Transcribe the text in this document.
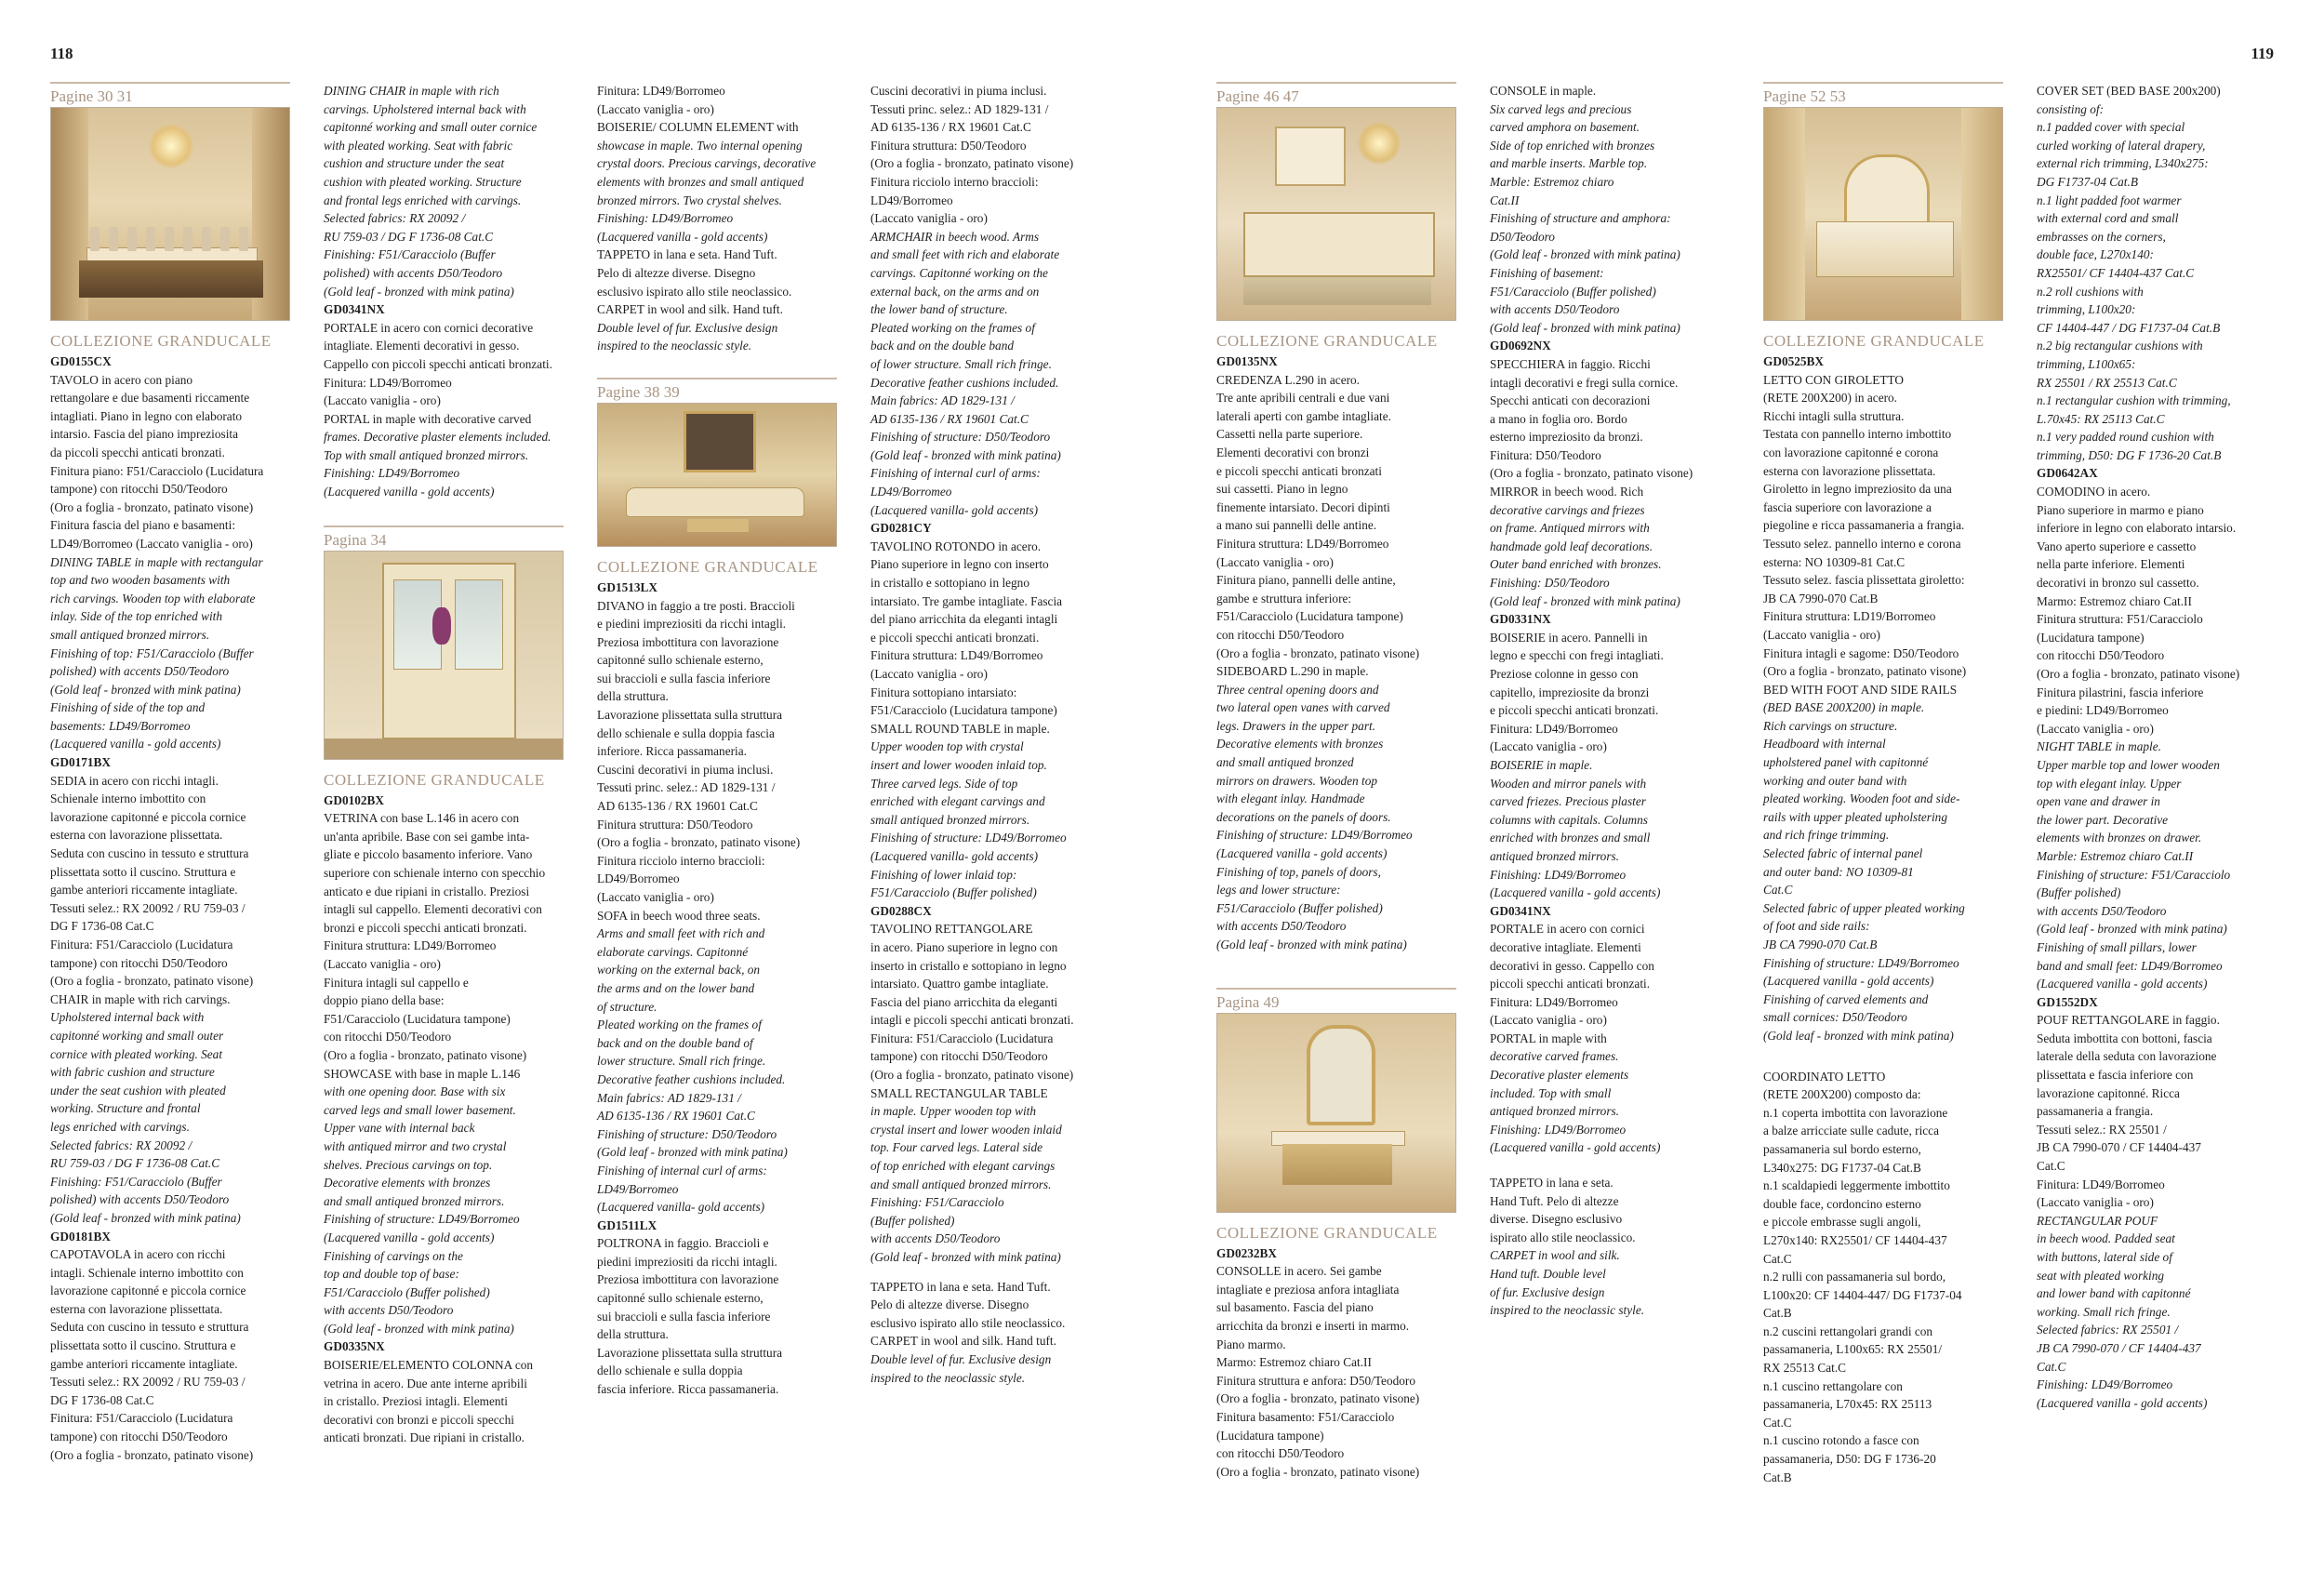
118	119
Pagine 30 31
COLLEZIONE GRANDUCALE
GD0155CX
TAVOLO in acero con piano
rettangolare e due basamenti riccamente
intagliati. Piano in legno con elaborato
intarsio. Fascia del piano impreziosita
da piccoli specchi anticati bronzati.
Finitura piano: F51/Caracciolo (Lucidatura
tampone) con ritocchi D50/Teodoro
(Oro a foglia - bronzato, patinato visone)
Finitura fascia del piano e basamenti:
LD49/Borromeo (Laccato vaniglia - oro)
DINING TABLE in maple with rectangular
top and two wooden basaments with
rich carvings. Wooden top with elaborate
inlay. Side of the top enriched with
small antiqued bronzed mirrors.
Finishing of top: F51/Caracciolo (Buffer
polished) with accents D50/Teodoro
(Gold leaf - bronzed with mink patina)
Finishing of side of the top and
basements: LD49/Borromeo
(Lacquered vanilla - gold accents)
GD0171BX
SEDIA in acero con ricchi intagli.
Schienale interno imbottito con
lavorazione capitonné e piccola cornice
esterna con lavorazione plissettata.
Seduta con cuscino in tessuto e struttura
plissettata sotto il cuscino. Struttura e
gambe anteriori riccamente intagliate.
Tessuti selez.: RX 20092 / RU 759-03 /
DG F 1736-08 Cat.C
Finitura: F51/Caracciolo (Lucidatura
tampone) con ritocchi D50/Teodoro
(Oro a foglia - bronzato, patinato visone)
CHAIR in maple with rich carvings.
Upholstered internal back with
capitonné working and small outer
cornice with pleated working. Seat
with fabric cushion and structure
under the seat cushion with pleated
working. Structure and frontal
legs enriched with carvings.
Selected fabrics: RX 20092 /
RU 759-03 / DG F 1736-08 Cat.C
Finishing: F51/Caracciolo (Buffer
polished) with accents D50/Teodoro
(Gold leaf - bronzed with mink patina)
GD0181BX
CAPOTAVOLA in acero con ricchi
intagli. Schienale interno imbottito con
lavorazione capitonné e piccola cornice
esterna con lavorazione plissettata.
Seduta con cuscino in tessuto e struttura
plissettata sotto il cuscino. Struttura e
gambe anteriori riccamente intagliate.
Tessuti selez.: RX 20092 / RU 759-03 /
DG F 1736-08 Cat.C
Finitura: F51/Caracciolo (Lucidatura
tampone) con ritocchi D50/Teodoro
(Oro a foglia - bronzato, patinato visone)
DINING CHAIR in maple with rich
carvings. Upholstered internal back with
capitonné working and small outer cornice
with pleated working. Seat with fabric
cushion and structure under the seat
cushion with pleated working. Structure
and frontal legs enriched with carvings.
Selected fabrics: RX 20092 /
RU 759-03 / DG F 1736-08 Cat.C
Finishing: F51/Caracciolo (Buffer
polished) with accents D50/Teodoro
(Gold leaf - bronzed with mink patina)
GD0341NX
PORTALE in acero con cornici decorative
intagliate. Elementi decorativi in gesso.
Cappello con piccoli specchi anticati bronzati.
Finitura: LD49/Borromeo
(Laccato vaniglia - oro)
PORTAL in maple with decorative carved
frames. Decorative plaster elements included.
Top with small antiqued bronzed mirrors.
Finishing: LD49/Borromeo
(Lacquered vanilla - gold accents)
Pagina 34
COLLEZIONE GRANDUCALE
GD0102BX
VETRINA con base L.146 in acero con
un'anta apribile. Base con sei gambe inta-
gliate e piccolo basamento inferiore. Vano
superiore con schienale interno con specchio
anticato e due ripiani in cristallo. Preziosi
intagli sul cappello. Elementi decorativi con
bronzi e piccoli specchi anticati bronzati.
Finitura struttura: LD49/Borromeo
(Laccato vaniglia - oro)
Finitura intagli sul cappello e
doppio piano della base:
F51/Caracciolo (Lucidatura tampone)
con ritocchi D50/Teodoro
(Oro a foglia - bronzato, patinato visone)
SHOWCASE with base in maple L.146
with one opening door. Base with six
carved legs and small lower basement.
Upper vane with internal back
with antiqued mirror and two crystal
shelves. Precious carvings on top.
Decorative elements with bronzes
and small antiqued bronzed mirrors.
Finishing of structure: LD49/Borromeo
(Lacquered vanilla - gold accents)
Finishing of carvings on the
top and double top of base:
F51/Caracciolo (Buffer polished)
with accents D50/Teodoro
(Gold leaf - bronzed with mink patina)
GD0335NX
BOISERIE/ELEMENTO COLONNA con
vetrina in acero. Due ante interne apribili
in cristallo. Preziosi intagli. Elementi
decorativi con bronzi e piccoli specchi
anticati bronzati. Due ripiani in cristallo.
Finitura: LD49/Borromeo
(Laccato vaniglia - oro)
BOISERIE/ COLUMN ELEMENT with
showcase in maple. Two internal opening
crystal doors. Precious carvings, decorative
elements with bronzes and small antiqued
bronzed mirrors. Two crystal shelves.
Finishing: LD49/Borromeo
(Lacquered vanilla - gold accents)
TAPPETO in lana e seta. Hand Tuft.
Pelo di altezze diverse. Disegno
esclusivo ispirato allo stile neoclassico.
CARPET in wool and silk. Hand tuft.
Double level of fur. Exclusive design
inspired to the neoclassic style.
Pagine 38 39
COLLEZIONE GRANDUCALE
GD1513LX
DIVANO in faggio a tre posti. Braccioli
e piedini impreziositi da ricchi intagli.
Preziosa imbottitura con lavorazione
capitonné sullo schienale esterno,
sui braccioli e sulla fascia inferiore
della struttura.
Lavorazione plissettata sulla struttura
dello schienale e sulla doppia fascia
inferiore. Ricca passamaneria.
Cuscini decorativi in piuma inclusi.
Tessuti princ. selez.: AD 1829-131 /
AD 6135-136 / RX 19601 Cat.C
Finitura struttura: D50/Teodoro
(Oro a foglia - bronzato, patinato visone)
Finitura ricciolo interno braccioli:
LD49/Borromeo
(Laccato vaniglia - oro)
SOFA in beech wood three seats.
Arms and small feet with rich and
elaborate carvings. Capitonné
working on the external back, on
the arms and on the lower band
of structure.
Pleated working on the frames of
back and on the double band of
lower structure. Small rich fringe.
Decorative feather cushions included.
Main fabrics: AD 1829-131 /
AD 6135-136 / RX 19601 Cat.C
Finishing of structure: D50/Teodoro
(Gold leaf - bronzed with mink patina)
Finishing of internal curl of arms:
LD49/Borromeo
(Lacquered vanilla- gold accents)
GD1511LX
POLTRONA in faggio. Braccioli e
piedini impreziositi da ricchi intagli.
Preziosa imbottitura con lavorazione
capitonné sullo schienale esterno,
sui braccioli e sulla fascia inferiore
della struttura.
Lavorazione plissettata sulla struttura
dello schienale e sulla doppia
fascia inferiore. Ricca passamaneria.
Cuscini decorativi in piuma inclusi.
Tessuti princ. selez.: AD 1829-131 /
AD 6135-136 / RX 19601 Cat.C
Finitura struttura: D50/Teodoro
(Oro a foglia - bronzato, patinato visone)
Finitura ricciolo interno braccioli:
LD49/Borromeo
(Laccato vaniglia - oro)
ARMCHAIR in beech wood. Arms
and small feet with rich and elaborate
carvings. Capitonné working on the
external back, on the arms and on
the lower band of structure.
Pleated working on the frames of
back and on the double band
of lower structure. Small rich fringe.
Decorative feather cushions included.
Main fabrics: AD 1829-131 /
AD 6135-136 / RX 19601 Cat.C
Finishing of structure: D50/Teodoro
(Gold leaf - bronzed with mink patina)
Finishing of internal curl of arms:
LD49/Borromeo
(Lacquered vanilla- gold accents)
GD0281CY
TAVOLINO ROTONDO in acero.
Piano superiore in legno con inserto
in cristallo e sottopiano in legno
intarsiato. Tre gambe intagliate. Fascia
del piano arricchita da eleganti intagli
e piccoli specchi anticati bronzati.
Finitura struttura: LD49/Borromeo
(Laccato vaniglia - oro)
Finitura sottopiano intarsiato:
F51/Caracciolo (Lucidatura tampone)
SMALL ROUND TABLE in maple.
Upper wooden top with crystal
insert and lower wooden inlaid top.
Three carved legs. Side of top
enriched with elegant carvings and
small antiqued bronzed mirrors.
Finishing of structure: LD49/Borromeo
(Lacquered vanilla- gold accents)
Finishing of lower inlaid top:
F51/Caracciolo (Buffer polished)
GD0288CX
TAVOLINO RETTANGOLARE
in acero. Piano superiore in legno con
inserto in cristallo e sottopiano in legno
intarsiato. Quattro gambe intagliate.
Fascia del piano arricchita da eleganti
intagli e piccoli specchi anticati bronzati.
Finitura: F51/Caracciolo (Lucidatura
tampone) con ritocchi D50/Teodoro
(Oro a foglia - bronzato, patinato visone)
SMALL RECTANGULAR TABLE
in maple. Upper wooden top with
crystal insert and lower wooden inlaid
top. Four carved legs. Lateral side
of top enriched with elegant carvings
and small antiqued bronzed mirrors.
Finishing: F51/Caracciolo
(Buffer polished)
with accents D50/Teodoro
(Gold leaf - bronzed with mink patina)
TAPPETO in lana e seta. Hand Tuft.
Pelo di altezze diverse. Disegno
esclusivo ispirato allo stile neoclassico.
CARPET in wool and silk. Hand tuft.
Double level of fur. Exclusive design
inspired to the neoclassic style.
Pagine 46 47
COLLEZIONE GRANDUCALE
GD0135NX
CREDENZA L.290 in acero.
Tre ante apribili centrali e due vani
laterali aperti con gambe intagliate.
Cassetti nella parte superiore.
Elementi decorativi con bronzi
e piccoli specchi anticati bronzati
sui cassetti. Piano in legno
finemente intarsiato. Decori dipinti
a mano sui pannelli delle antine.
Finitura struttura: LD49/Borromeo
(Laccato vaniglia - oro)
Finitura piano, pannelli delle antine,
gambe e struttura inferiore:
F51/Caracciolo (Lucidatura tampone)
con ritocchi D50/Teodoro
(Oro a foglia - bronzato, patinato visone)
SIDEBOARD L.290 in maple.
Three central opening doors and
two lateral open vanes with carved
legs. Drawers in the upper part.
Decorative elements with bronzes
and small antiqued bronzed
mirrors on drawers. Wooden top
with elegant inlay. Handmade
decorations on the panels of doors.
Finishing of structure: LD49/Borromeo
(Lacquered vanilla - gold accents)
Finishing of top, panels of doors,
legs and lower structure:
F51/Caracciolo (Buffer polished)
with accents D50/Teodoro
(Gold leaf - bronzed with mink patina)
Pagina 49
COLLEZIONE GRANDUCALE
GD0232BX
CONSOLLE in acero. Sei gambe
intagliate e preziosa anfora intagliata
sul basamento. Fascia del piano
arricchita da bronzi e inserti in marmo.
Piano marmo.
Marmo: Estremoz chiaro Cat.II
Finitura struttura e anfora: D50/Teodoro
(Oro a foglia - bronzato, patinato visone)
Finitura basamento: F51/Caracciolo
(Lucidatura tampone)
con ritocchi D50/Teodoro
(Oro a foglia - bronzato, patinato visone)
CONSOLE in maple.
Six carved legs and precious
carved amphora on basement.
Side of top enriched with bronzes
and marble inserts. Marble top.
Marble: Estremoz chiaro
Cat.II
Finishing of structure and amphora:
D50/Teodoro
(Gold leaf - bronzed with mink patina)
Finishing of basement:
F51/Caracciolo (Buffer polished)
with accents D50/Teodoro
(Gold leaf - bronzed with mink patina)
GD0692NX
SPECCHIERA in faggio. Ricchi
intagli decorativi e fregi sulla cornice.
Specchi anticati con decorazioni
a mano in foglia oro. Bordo
esterno impreziosito da bronzi.
Finitura: D50/Teodoro
(Oro a foglia - bronzato, patinato visone)
MIRROR in beech wood. Rich
decorative carvings and friezes
on frame. Antiqued mirrors with
handmade gold leaf decorations.
Outer band enriched with bronzes.
Finishing: D50/Teodoro
(Gold leaf - bronzed with mink patina)
GD0331NX
BOISERIE in acero. Pannelli in
legno e specchi con fregi intagliati.
Preziose colonne in gesso con
capitello, impreziosite da bronzi
e piccoli specchi anticati bronzati.
Finitura: LD49/Borromeo
(Laccato vaniglia - oro)
BOISERIE in maple.
Wooden and mirror panels with
carved friezes. Precious plaster
columns with capitals. Columns
enriched with bronzes and small
antiqued bronzed mirrors.
Finishing: LD49/Borromeo
(Lacquered vanilla - gold accents)
GD0341NX
PORTALE in acero con cornici
decorative intagliate. Elementi
decorativi in gesso. Cappello con
piccoli specchi anticati bronzati.
Finitura: LD49/Borromeo
(Laccato vaniglia - oro)
PORTAL in maple with
decorative carved frames.
Decorative plaster elements
included. Top with small
antiqued bronzed mirrors.
Finishing: LD49/Borromeo
(Lacquered vanilla - gold accents)
TAPPETO in lana e seta.
Hand Tuft. Pelo di altezze
diverse. Disegno esclusivo
ispirato allo stile neoclassico.
CARPET in wool and silk.
Hand tuft. Double level
of fur. Exclusive design
inspired to the neoclassic style.
Pagine 52 53
COLLEZIONE GRANDUCALE
GD0525BX
LETTO CON GIROLETTO
(RETE 200X200) in acero.
Ricchi intagli sulla struttura.
Testata con pannello interno imbottito
con lavorazione capitonné e corona
esterna con lavorazione plissettata.
Giroletto in legno impreziosito da una
fascia superiore con lavorazione a
piegoline e ricca passamaneria a frangia.
Tessuto selez. pannello interno e corona
esterna: NO 10309-81 Cat.C
Tessuto selez. fascia plissettata giroletto:
JB CA 7990-070 Cat.B
Finitura struttura: LD19/Borromeo
(Laccato vaniglia - oro)
Finitura intagli e sagome: D50/Teodoro
(Oro a foglia - bronzato, patinato visone)
BED WITH FOOT AND SIDE RAILS
(BED BASE 200X200) in maple.
Rich carvings on structure.
Headboard with internal
upholstered panel with capitonné
working and outer band with
pleated working. Wooden foot and side-
rails with upper pleated upholstering
and rich fringe trimming.
Selected fabric of internal panel
and outer band: NO 10309-81
Cat.C
Selected fabric of upper pleated working
of foot and side rails:
JB CA 7990-070 Cat.B
Finishing of structure: LD49/Borromeo
(Lacquered vanilla - gold accents)
Finishing of carved elements and
small cornices: D50/Teodoro
(Gold leaf - bronzed with mink patina)
COORDINATO LETTO
(RETE 200X200) composto da:
n.1 coperta imbottita con lavorazione
a balze arricciate sulle cadute, ricca
passamaneria sul bordo esterno,
L340x275: DG F1737-04 Cat.B
n.1 scaldapiedi leggermente imbottito
double face, cordoncino esterno
e piccole embrasse sugli angoli,
L270x140: RX25501/ CF 14404-437
Cat.C
n.2 rulli con passamaneria sul bordo,
L100x20: CF 14404-447/ DG F1737-04
Cat.B
n.2 cuscini rettangolari grandi con
passamaneria, L100x65: RX 25501/
RX 25513 Cat.C
n.1 cuscino rettangolare con
passamaneria, L70x45: RX 25113
Cat.C
n.1 cuscino rotondo a fasce con
passamaneria, D50: DG F 1736-20
Cat.B
COVER SET (BED BASE 200x200)
consisting of:
n.1 padded cover with special
curled working of lateral drapery,
external rich trimming, L340x275:
DG F1737-04 Cat.B
n.1 light padded foot warmer
with external cord and small
embrasses on the corners,
double face, L270x140:
RX25501/ CF 14404-437 Cat.C
n.2 roll cushions with
trimming, L100x20:
CF 14404-447 / DG F1737-04 Cat.B
n.2 big rectangular cushions with
trimming, L100x65:
RX 25501 / RX 25513 Cat.C
n.1 rectangular cushion with trimming,
L.70x45: RX 25113 Cat.C
n.1 very padded round cushion with
trimming, D50: DG F 1736-20 Cat.B
GD0642AX
COMODINO in acero.
Piano superiore in marmo e piano
inferiore in legno con elaborato intarsio.
Vano aperto superiore e cassetto
nella parte inferiore. Elementi
decorativi in bronzo sul cassetto.
Marmo: Estremoz chiaro Cat.II
Finitura struttura: F51/Caracciolo
(Lucidatura tampone)
con ritocchi D50/Teodoro
(Oro a foglia - bronzato, patinato visone)
Finitura pilastrini, fascia inferiore
e piedini: LD49/Borromeo
(Laccato vaniglia - oro)
NIGHT TABLE in maple.
Upper marble top and lower wooden
top with elegant inlay. Upper
open vane and drawer in
the lower part. Decorative
elements with bronzes on drawer.
Marble: Estremoz chiaro Cat.II
Finishing of structure: F51/Caracciolo
(Buffer polished)
with accents D50/Teodoro
(Gold leaf - bronzed with mink patina)
Finishing of small pillars, lower
band and small feet: LD49/Borromeo
(Lacquered vanilla - gold accents)
GD1552DX
POUF RETTANGOLARE in faggio.
Seduta imbottita con bottoni, fascia
laterale della seduta con lavorazione
plissettata e fascia inferiore con
lavorazione capitonné. Ricca
passamaneria a frangia.
Tessuti selez.: RX 25501 /
JB CA 7990-070 / CF 14404-437
Cat.C
Finitura: LD49/Borromeo
(Laccato vaniglia - oro)
RECTANGULAR POUF
in beech wood. Padded seat
with buttons, lateral side of
seat with pleated working
and lower band with capitonné
working. Small rich fringe.
Selected fabrics: RX 25501 /
JB CA 7990-070 / CF 14404-437
Cat.C
Finishing: LD49/Borromeo
(Lacquered vanilla - gold accents)
